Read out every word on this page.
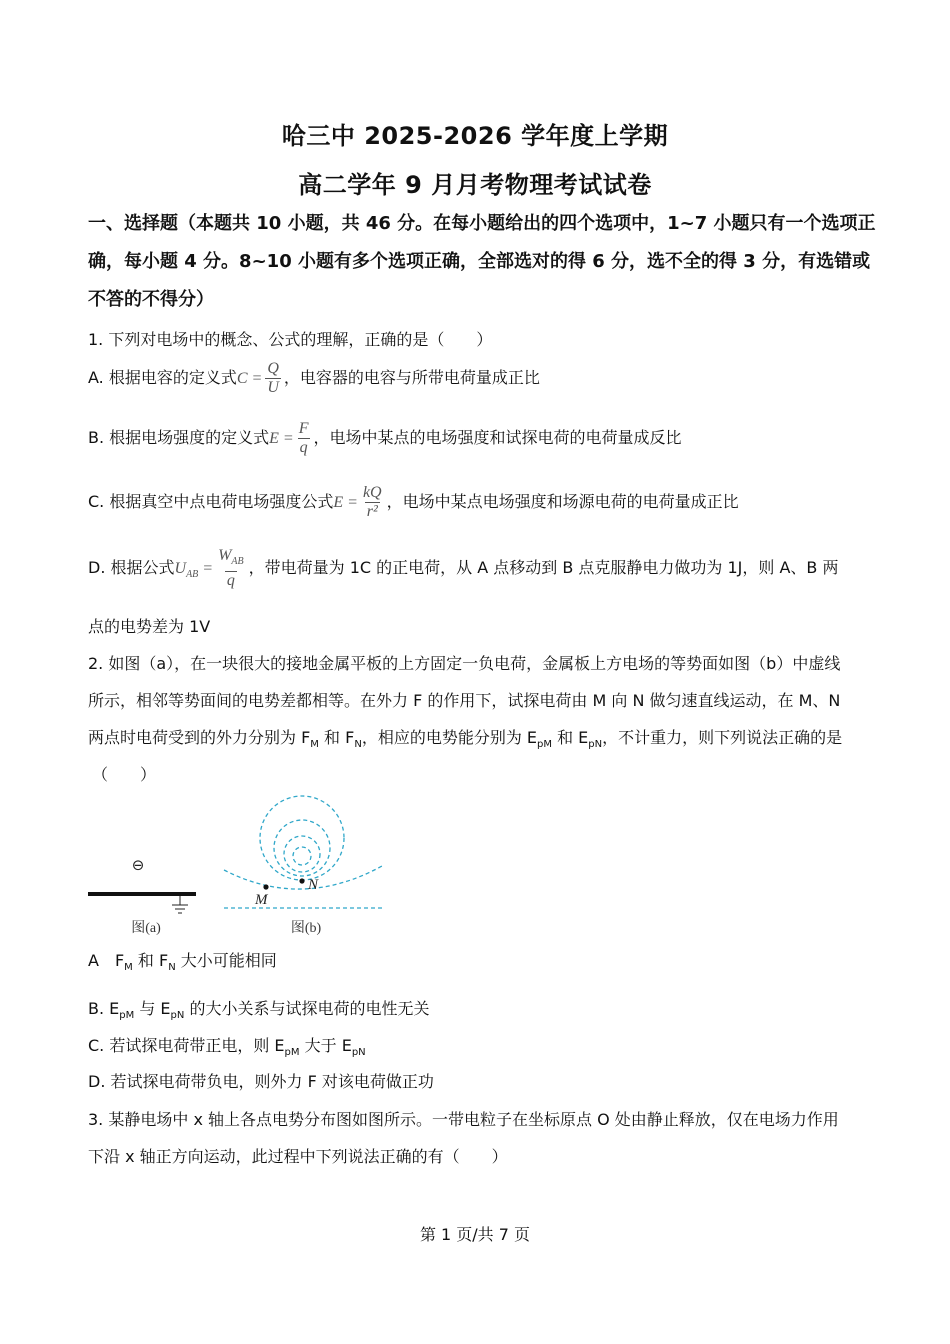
哈三中 2025-2026 学年度上学期
高二学年 9 月月考物理考试试卷
一、选择题（本题共 10 小题，共 46 分。在每小题给出的四个选项中，1~7 小题只有一个选项正确，每小题 4 分。8~10 小题有多个选项正确，全部选对的得 6 分，选不全的得 3 分，有选错或不答的不得分）
1. 下列对电场中的概念、公式的理解，正确的是（　　）
A. 根据电容的定义式$C = \frac{Q}{U}$ ，电容器的电容与所带电荷量成正比
B. 根据电场强度的定义式$E = \frac{F}{q}$ ，电场中某点的电场强度和试探电荷的电荷量成反比
C. 根据真空中点电荷电场强度公式$E = \frac{kQ}{\text{r²}}$ ，电场中某点电场强度和场源电荷的电荷量成正比
D. 根据公式$U_{AB} = \frac{W_{AB}}{q}$ ，带电荷量为 1C 的正电荷，从 A 点移动到 B 点克服静电力做功为 1J，则 A、B 两
点的电势差为 1V
2. 如图（a），在一块很大的接地金属平板的上方固定一负电荷，金属板上方电场的等势面如图（b）中虚线
所示，相邻等势面间的电势差都相等。在外力 F 的作用下，试探电荷由 M 向 N 做匀速直线运动，在 M、N
两点时电荷受到的外力分别为 $F_M$ 和 $F_N$，相应的电势能分别为 $E_{pM}$ 和 $E_{pN}$，不计重力，则下列说法正确的是
（　　）
⊖
图(a)
M
N
图(b)
A　$F_M$ 和 $F_N$ 大小可能相同
B. $E_{pM}$ 与 $E_{pN}$ 的大小关系与试探电荷的电性无关
C. 若试探电荷带正电，则 $E_{pM}$ 大于 $E_{pN}$
D. 若试探电荷带负电，则外力 F 对该电荷做正功
3. 某静电场中 x 轴上各点电势分布图如图所示。一带电粒子在坐标原点 O 处由静止释放，仅在电场力作用
下沿 x 轴正方向运动，此过程中下列说法正确的有（　　）
第 1 页/共 7 页
